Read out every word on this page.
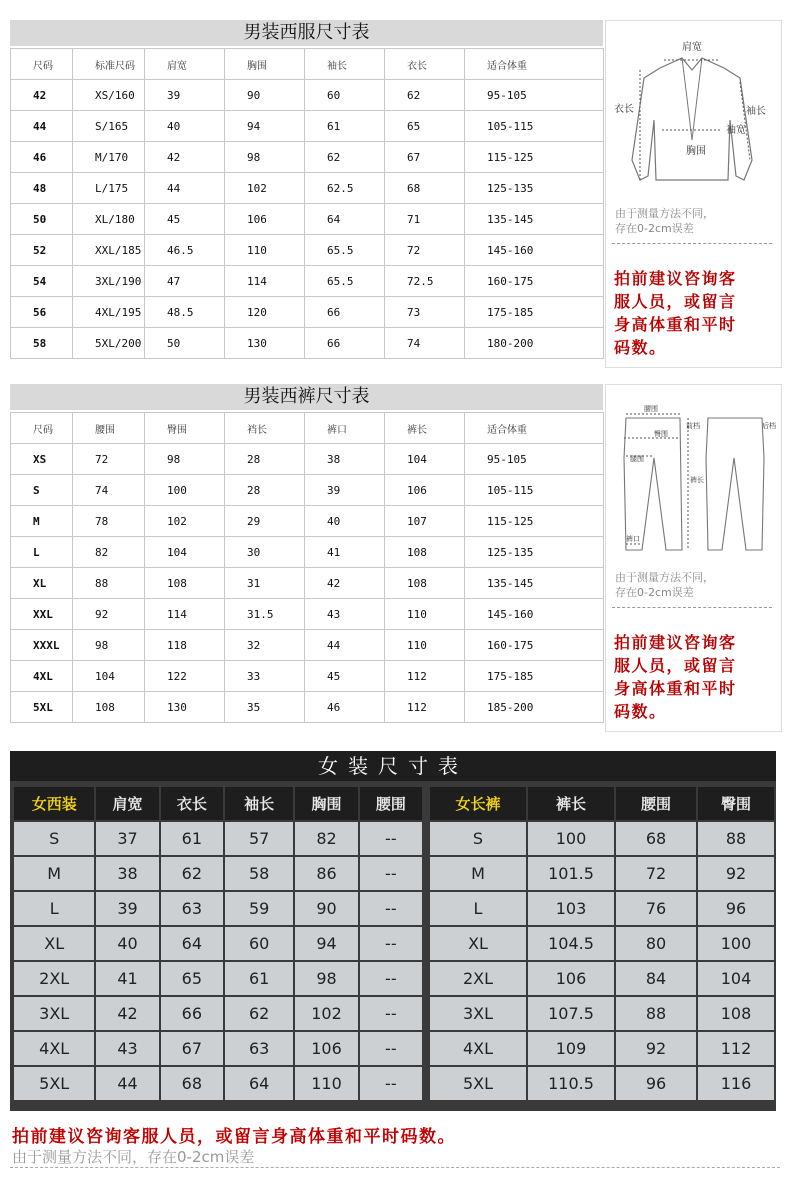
男装西服尺寸表
尺码	标准尺码	肩宽	胸围	袖长	衣长	适合体重
42	XS/160	39	90	60	62	95-105
44	S/165	40	94	61	65	105-115
46	M/170	42	98	62	67	115-125
48	L/175	44	102	62.5	68	125-135
50	XL/180	45	106	64	71	135-145
52	XXL/185	46.5	110	65.5	72	145-160
54	3XL/190	47	114	65.5	72.5	160-175
56	4XL/195	48.5	120	66	73	175-185
58	5XL/200	50	130	66	74	180-200
肩宽
衣长	袖长
袖宽
胸围
由于测量方法不同，
存在0-2cm误差
拍前建议咨询客
服人员，或留言
身高体重和平时
码数。
男装西裤尺寸表
尺码	腰围	臀围	裆长	裤口	裤长	适合体重
XS	72	98	28	38	104	95-105
S	74	100	28	39	106	105-115
M	78	102	29	40	107	115-125
L	82	104	30	41	108	125-135
XL	88	108	31	42	108	135-145
XXL	92	114	31.5	43	110	145-160
XXXL	98	118	32	44	110	160-175
4XL	104	122	33	45	112	175-185
5XL	108	130	35	46	112	185-200
腰围
前档
臀围
腿围
裤长
后档
裤口
由于测量方法不同，
存在0-2cm误差
拍前建议咨询客
服人员，或留言
身高体重和平时
码数。
女装尺寸表
女西装	肩宽	衣长	袖长	胸围	腰围
S	37	61	57	82	--
M	38	62	58	86	--
L	39	63	59	90	--
XL	40	64	60	94	--
2XL	41	65	61	98	--
3XL	42	66	62	102	--
4XL	43	67	63	106	--
5XL	44	68	64	110	--
女长裤	裤长	腰围	臀围
S	100	68	88
M	101.5	72	92
L	103	76	96
XL	104.5	80	100
2XL	106	84	104
3XL	107.5	88	108
4XL	109	92	112
5XL	110.5	96	116
拍前建议咨询客服人员，或留言身高体重和平时码数。
由于测量方法不同，存在0-2cm误差
